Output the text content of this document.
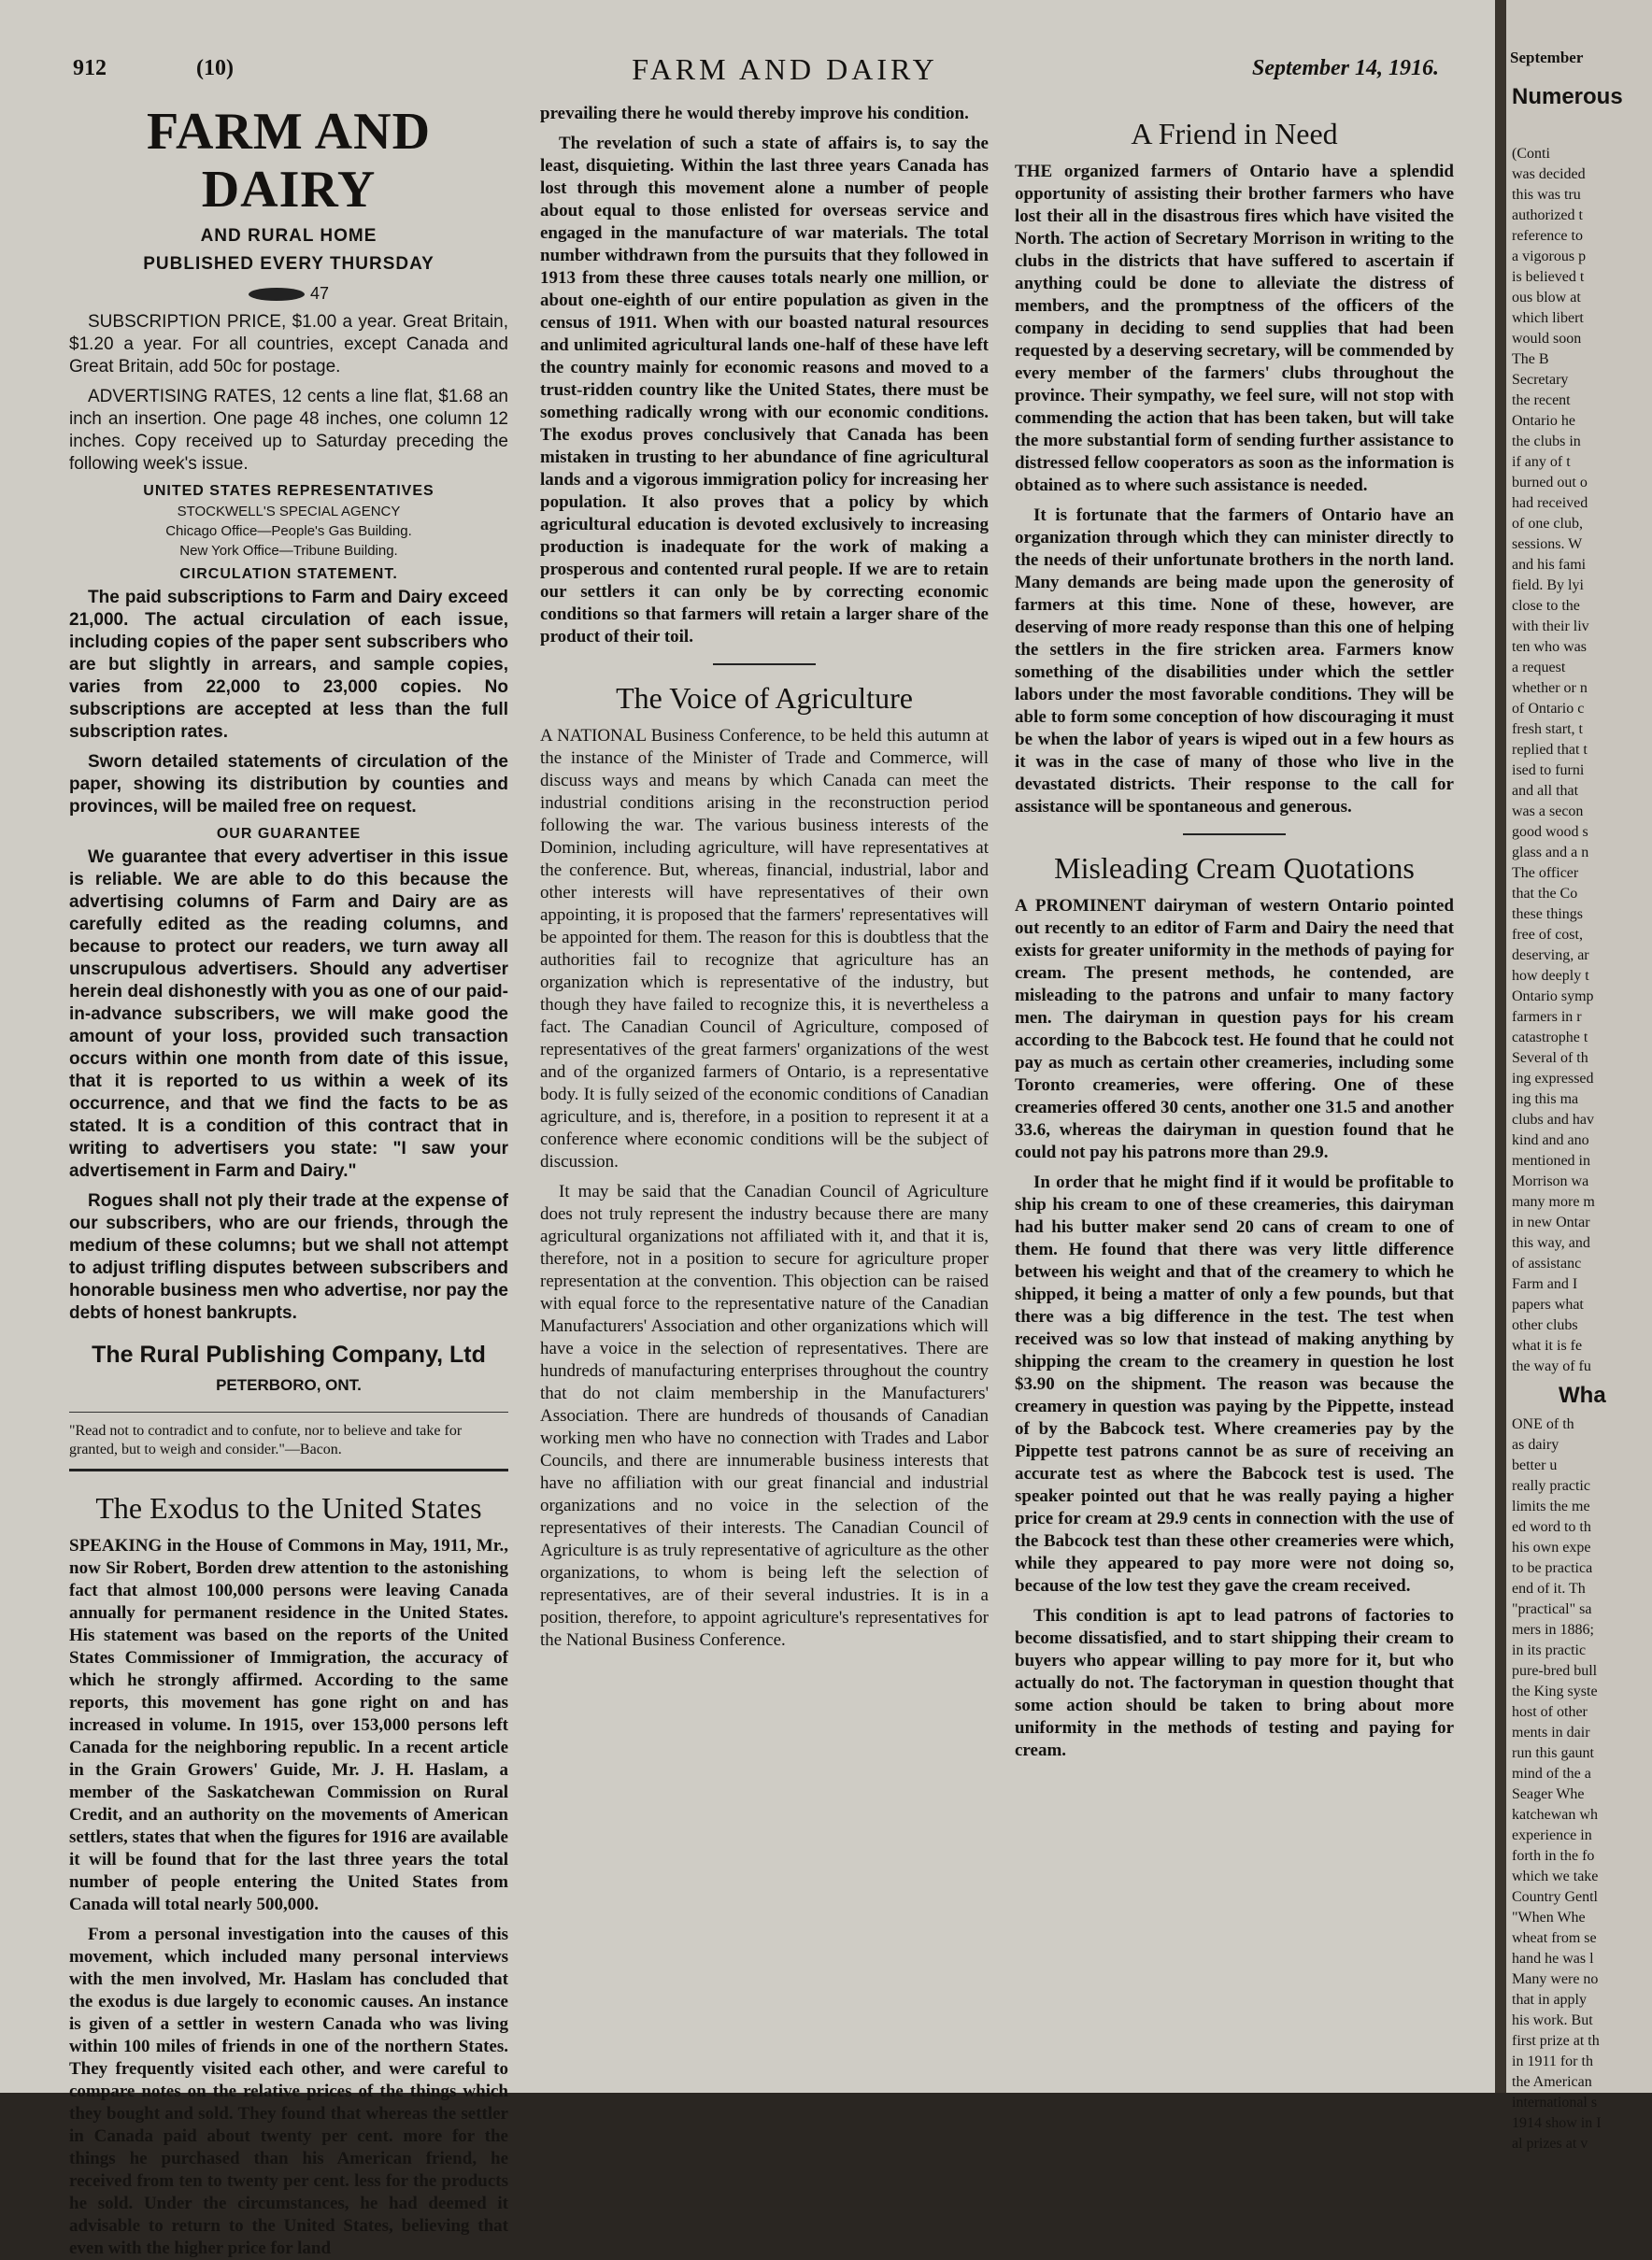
912	(10)	FARM AND DAIRY	September 14, 1916.
FARM AND DAIRY
AND RURAL HOME
PUBLISHED EVERY THURSDAY
47

SUBSCRIPTION PRICE, $1.00 a year. Great Britain, $1.20 a year. For all countries, except Canada and Great Britain, add 50c for postage.

ADVERTISING RATES, 12 cents a line flat, $1.68 an inch an insertion. One page 48 inches, one column 12 inches. Copy received up to Saturday preceding the following week's issue.

UNITED STATES REPRESENTATIVES
STOCKWELL'S SPECIAL AGENCY
Chicago Office—People's Gas Building.
New York Office—Tribune Building.
CIRCULATION STATEMENT.

The paid subscriptions to Farm and Dairy exceed 21,000. The actual circulation of each issue, including copies of the paper sent subscribers who are but slightly in arrears, and sample copies, varies from 22,000 to 23,000 copies. No subscriptions are accepted at less than the full subscription rates.

Sworn detailed statements of circulation of the paper, showing its distribution by counties and provinces, will be mailed free on request.

OUR GUARANTEE

We guarantee that every advertiser in this issue is reliable. We are able to do this because the advertising columns of Farm and Dairy are as carefully edited as the reading columns, and because to protect our readers, we turn away all unscrupulous advertisers. Should any advertiser herein deal dishonestly with you as one of our paid-in-advance subscribers, we will make good the amount of your loss, provided such transaction occurs within one month from date of this issue, that it is reported to us within a week of its occurrence, and that we find the facts to be as stated. It is a condition of this contract that in writing to advertisers you state: "I saw your advertisement in Farm and Dairy."

Rogues shall not ply their trade at the expense of our subscribers, who are our friends, through the medium of these columns; but we shall not attempt to adjust trifling disputes between subscribers and honorable business men who advertise, nor pay the debts of honest bankrupts.

The Rural Publishing Company, Ltd
PETERBORO, ONT.
"Read not to contradict and to confute, nor to believe and take for granted, but to weigh and consider."—Bacon.
The Exodus to the United States

SPEAKING in the House of Commons in May, 1911, Mr., now Sir Robert, Borden drew attention to the astonishing fact that almost 100,000 persons were leaving Canada annually for permanent residence in the United States. His statement was based on the reports of the United States Commissioner of Immigration, the accuracy of which he strongly affirmed. According to the same reports, this movement has gone right on and has increased in volume. In 1915, over 153,000 persons left Canada for the neighboring republic. In a recent article in the Grain Growers' Guide, Mr. J. H. Haslam, a member of the Saskatchewan Commission on Rural Credit, and an authority on the movements of American settlers, states that when the figures for 1916 are available it will be found that for the last three years the total number of people entering the United States from Canada will total nearly 500,000.

From a personal investigation into the causes of this movement, which included many personal interviews with the men involved, Mr. Haslam has concluded that the exodus is due largely to economic causes. An instance is given of a settler in western Canada who was living within 100 miles of friends in one of the northern States. They frequently visited each other, and were careful to compare notes on the relative prices of the things which they bought and sold. They found that whereas the settler in Canada paid about twenty per cent. more for the things he purchased than his American friend, he received from ten to twenty per cent. less for the products he sold. Under the circumstances, he had deemed it advisable to return to the United States, believing that even with the higher price for land

prevailing there he would thereby improve his condition.

The revelation of such a state of affairs is, to say the least, disquieting. Within the last three years Canada has lost through this movement alone a number of people about equal to those enlisted for overseas service and engaged in the manufacture of war materials. The total number withdrawn from the pursuits that they followed in 1913 from these three causes totals nearly one million, or about one-eighth of our entire population as given in the census of 1911. When with our boasted natural resources and unlimited agricultural lands one-half of these have left the country mainly for economic reasons and moved to a trust-ridden country like the United States, there must be something radically wrong with our economic conditions. The exodus proves conclusively that Canada has been mistaken in trusting to her abundance of fine agricultural lands and a vigorous immigration policy for increasing her population. It also proves that a policy by which agricultural education is devoted exclusively to increasing production is inadequate for the work of making a prosperous and contented rural people. If we are to retain our settlers it can only be by correcting economic conditions so that farmers will retain a larger share of the product of their toil.

The Voice of Agriculture

A NATIONAL Business Conference, to be held this autumn at the instance of the Minister of Trade and Commerce, will discuss ways and means by which Canada can meet the industrial conditions arising in the reconstruction period following the war. The various business interests of the Dominion, including agriculture, will have representatives at the conference. But, whereas, financial, industrial, labor and other interests will have representatives of their own appointing, it is proposed that the farmers' representatives will be appointed for them. The reason for this is doubtless that the authorities fail to recognize that agriculture has an organization which is representative of the industry, but though they have failed to recognize this, it is nevertheless a fact. The Canadian Council of Agriculture, composed of representatives of the great farmers' organizations of the west and of the organized farmers of Ontario, is a representative body. It is fully seized of the economic conditions of Canadian agriculture, and is, therefore, in a position to represent it at a conference where economic conditions will be the subject of discussion.

It may be said that the Canadian Council of Agriculture does not truly represent the industry because there are many agricultural organizations not affiliated with it, and that it is, therefore, not in a position to secure for agriculture proper representation at the convention. This objection can be raised with equal force to the representative nature of the Canadian Manufacturers' Association and other organizations which will have a voice in the selection of representatives. There are hundreds of manufacturing enterprises throughout the country that do not claim membership in the Manufacturers' Association. There are hundreds of thousands of Canadian working men who have no connection with Trades and Labor Councils, and there are innumerable business interests that have no affiliation with our great financial and industrial organizations and no voice in the selection of the representatives of their interests. The Canadian Council of Agriculture is as truly representative of agriculture as the other organizations, to whom is being left the selection of representatives, are of their several industries. It is in a position, therefore, to appoint agriculture's representatives for the National Business Conference.

A Friend in Need

THE organized farmers of Ontario have a splendid opportunity of assisting their brother farmers who have lost their all in the disastrous fires which have visited the North. The action of Secretary Morrison in writing to the clubs in the districts that have suffered to ascertain if anything could be done to alleviate the distress of members, and the promptness of the officers of the company in deciding to send supplies that had been requested by a deserving secretary, will be commended by every member of the farmers' clubs throughout the province. Their sympathy, we feel sure, will not stop with commending the action that has been taken, but will take the more substantial form of sending further assistance to distressed fellow cooperators as soon as the information is obtained as to where such assistance is needed.

It is fortunate that the farmers of Ontario have an organization through which they can minister directly to the needs of their unfortunate brothers in the north land. Many demands are being made upon the generosity of farmers at this time. None of these, however, are deserving of more ready response than this one of helping the settlers in the fire stricken area. Farmers know something of the disabilities under which the settler labors under the most favorable conditions. They will be able to form some conception of how discouraging it must be when the labor of years is wiped out in a few hours as it was in the case of many of those who live in the devastated districts. Their response to the call for assistance will be spontaneous and generous.

Misleading Cream Quotations

A PROMINENT dairyman of western Ontario pointed out recently to an editor of Farm and Dairy the need that exists for greater uniformity in the methods of paying for cream. The present methods, he contended, are misleading to the patrons and unfair to many factory men. The dairyman in question pays for his cream according to the Babcock test. He found that he could not pay as much as certain other creameries, including some Toronto creameries, were offering. One of these creameries offered 30 cents, another one 31.5 and another 33.6, whereas the dairyman in question found that he could not pay his patrons more than 29.9.

In order that he might find if it would be profitable to ship his cream to one of these creameries, this dairyman had his butter maker send 20 cans of cream to one of them. He found that there was very little difference between his weight and that of the creamery to which he shipped, it being a matter of only a few pounds, but that there was a big difference in the test. The test when received was so low that instead of making anything by shipping the cream to the creamery in question he lost $3.90 on the shipment. The reason was because the creamery in question was paying by the Pippette, instead of by the Babcock test. Where creameries pay by the Pippette test patrons cannot be as sure of receiving an accurate test as where the Babcock test is used. The speaker pointed out that he was really paying a higher price for cream at 29.9 cents in connection with the use of the Babcock test than these other creameries were which, while they appeared to pay more were not doing so, because of the low test they gave the cream received.

This condition is apt to lead patrons of factories to become dissatisfied, and to start shipping their cream to buyers who appear willing to pay more for it, but who actually do not. The factoryman in question thought that some action should be taken to bring about more uniformity in the methods of testing and paying for cream.

September
Numerous
(Conti
was decided
this was tru
authorized t
reference to
a vigorous p
is believed t
ous blow at
which libert
would soon
The B
Secretary
the recent
Ontario he
the clubs in
if any of t
burned out o
had received
of one club,
sessions. W
and his fami
field. By lyi
close to the
with their liv
ten who was
a request
whether or n
of Ontario c
fresh start, t
replied that t
ised to furni
and all that
was a secon
good wood s
glass and a n
The officer
that the Co
these things
free of cost,
deserving, ar
how deeply t
Ontario symp
farmers in r
catastrophe t
Several of th
ing expressed
ing this ma
clubs and hav
kind and ano
mentioned in
Morrison wa
many more m
in new Ontar
this way, and
of assistanc
Farm and I
papers what
other clubs
what it is fe
the way of fu
Wha
ONE of th
as dairy
better u
really practic
limits the me
ed word to th
his own expe
to be practica
end of it. Th
"practical" sa
mers in 1886;
in its practic
pure-bred bull
the King syste
host of other
ments in dair
run this gaunt
mind of the a
Seager Whe
katchewan wh
experience in
forth in the fo
which we take
Country Gentl
"When Whe
wheat from se
hand he was l
Many were no
that in apply
his work. But
first prize at th
in 1911 for th
the American
international s
1914 show in I
al prizes at v
